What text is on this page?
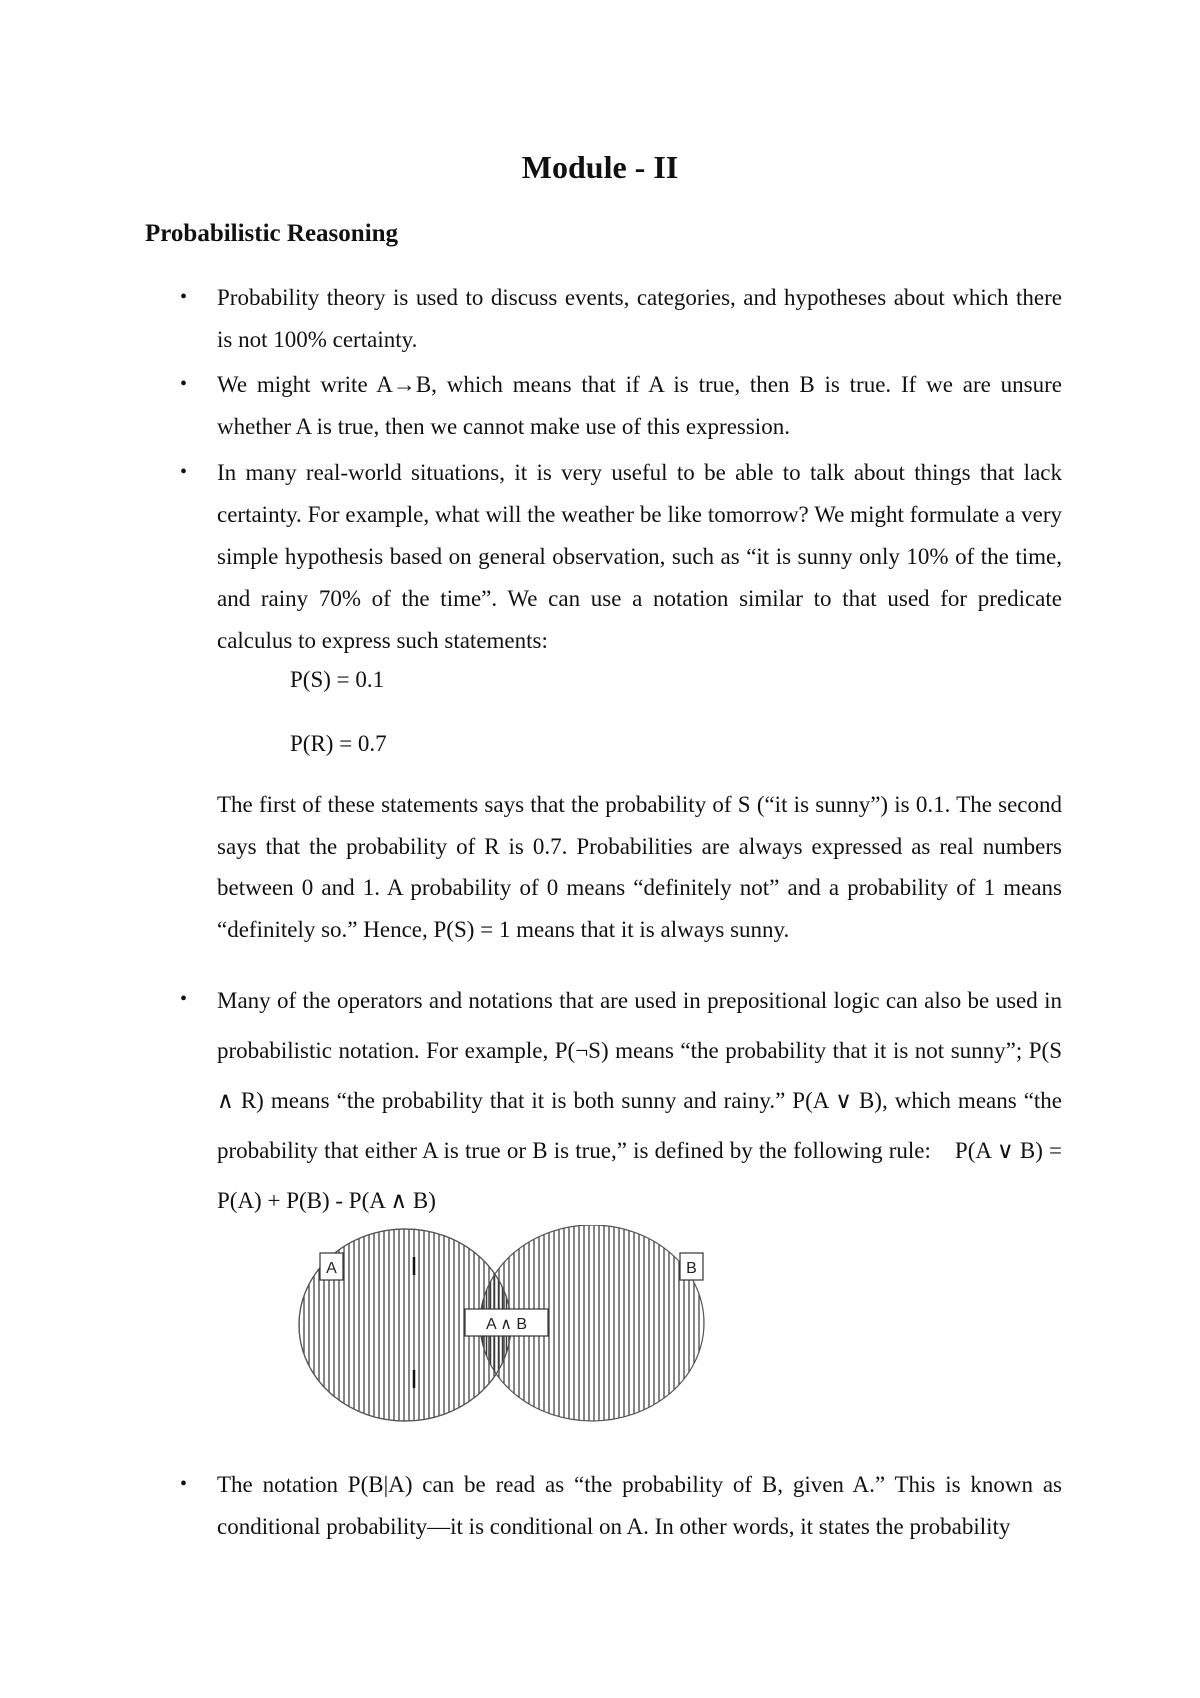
Module - II
Probabilistic Reasoning
• Probability theory is used to discuss events, categories, and hypotheses about which there is not 100% certainty.
• We might write A→B, which means that if A is true, then B is true. If we are unsure whether A is true, then we cannot make use of this expression.
• In many real-world situations, it is very useful to be able to talk about things that lack certainty. For example, what will the weather be like tomorrow? We might formulate a very simple hypothesis based on general observation, such as “it is sunny only 10% of the time, and rainy 70% of the time”. We can use a notation similar to that used for predicate calculus to express such statements:
P(S) = 0.1
P(R) = 0.7
The first of these statements says that the probability of S (“it is sunny”) is 0.1. The second says that the probability of R is 0.7. Probabilities are always expressed as real numbers between 0 and 1. A probability of 0 means “definitely not” and a probability of 1 means “definitely so.” Hence, P(S) = 1 means that it is always sunny.
• Many of the operators and notations that are used in prepositional logic can also be used in probabilistic notation. For example, P(¬S) means “the probability that it is not sunny”; P(S ∧ R) means “the probability that it is both sunny and rainy.” P(A ∨ B), which means “the probability that either A is true or B is true,” is defined by the following rule: P(A ∨ B) = P(A) + P(B) - P(A ∧ B)
A	B
A ∧ B
• The notation P(B|A) can be read as “the probability of B, given A.” This is known as conditional probability—it is conditional on A. In other words, it states the probability
